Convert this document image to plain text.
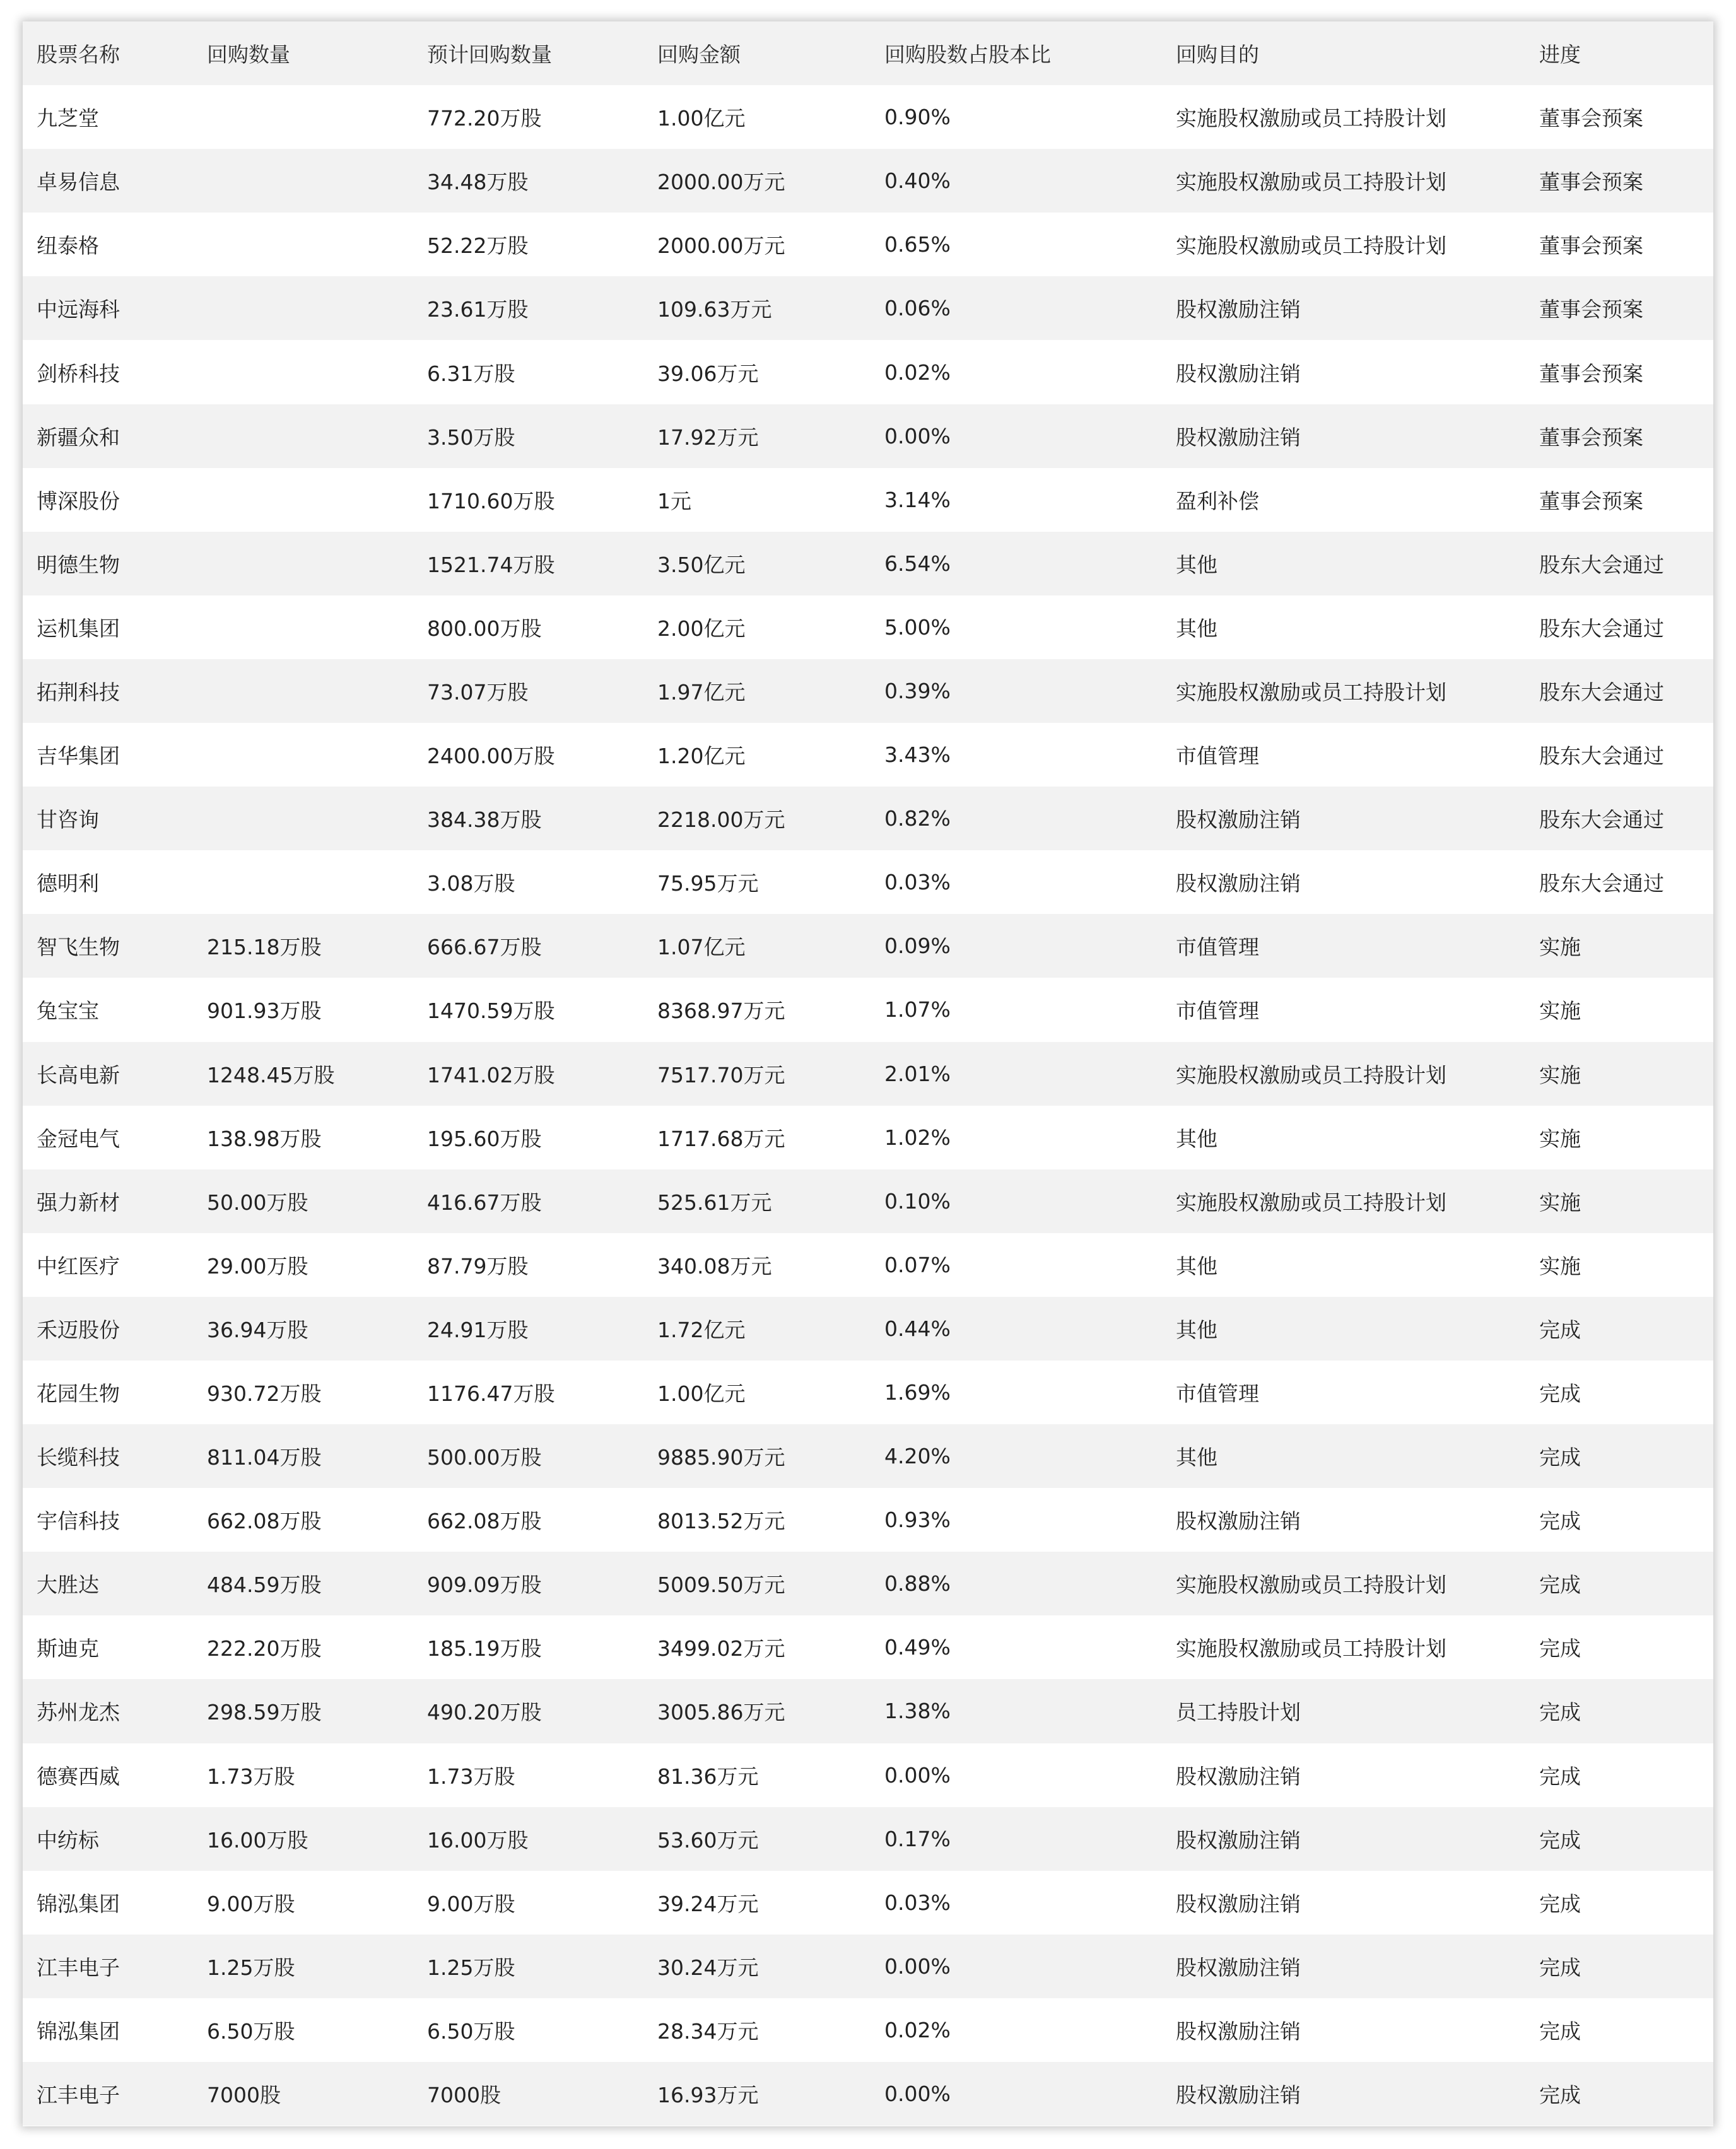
股票名称	回购数量	预计回购数量	回购金额	回购股数占股本比	回购目的	进度
九芝堂		772.20万股	1.00亿元	0.90%	实施股权激励或员工持股计划	董事会预案
卓易信息		34.48万股	2000.00万元	0.40%	实施股权激励或员工持股计划	董事会预案
纽泰格		52.22万股	2000.00万元	0.65%	实施股权激励或员工持股计划	董事会预案
中远海科		23.61万股	109.63万元	0.06%	股权激励注销	董事会预案
剑桥科技		6.31万股	39.06万元	0.02%	股权激励注销	董事会预案
新疆众和		3.50万股	17.92万元	0.00%	股权激励注销	董事会预案
博深股份		1710.60万股	1元	3.14%	盈利补偿	董事会预案
明德生物		1521.74万股	3.50亿元	6.54%	其他	股东大会通过
运机集团		800.00万股	2.00亿元	5.00%	其他	股东大会通过
拓荆科技		73.07万股	1.97亿元	0.39%	实施股权激励或员工持股计划	股东大会通过
吉华集团		2400.00万股	1.20亿元	3.43%	市值管理	股东大会通过
甘咨询		384.38万股	2218.00万元	0.82%	股权激励注销	股东大会通过
德明利		3.08万股	75.95万元	0.03%	股权激励注销	股东大会通过
智飞生物	215.18万股	666.67万股	1.07亿元	0.09%	市值管理	实施
兔宝宝	901.93万股	1470.59万股	8368.97万元	1.07%	市值管理	实施
长高电新	1248.45万股	1741.02万股	7517.70万元	2.01%	实施股权激励或员工持股计划	实施
金冠电气	138.98万股	195.60万股	1717.68万元	1.02%	其他	实施
强力新材	50.00万股	416.67万股	525.61万元	0.10%	实施股权激励或员工持股计划	实施
中红医疗	29.00万股	87.79万股	340.08万元	0.07%	其他	实施
禾迈股份	36.94万股	24.91万股	1.72亿元	0.44%	其他	完成
花园生物	930.72万股	1176.47万股	1.00亿元	1.69%	市值管理	完成
长缆科技	811.04万股	500.00万股	9885.90万元	4.20%	其他	完成
宇信科技	662.08万股	662.08万股	8013.52万元	0.93%	股权激励注销	完成
大胜达	484.59万股	909.09万股	5009.50万元	0.88%	实施股权激励或员工持股计划	完成
斯迪克	222.20万股	185.19万股	3499.02万元	0.49%	实施股权激励或员工持股计划	完成
苏州龙杰	298.59万股	490.20万股	3005.86万元	1.38%	员工持股计划	完成
德赛西威	1.73万股	1.73万股	81.36万元	0.00%	股权激励注销	完成
中纺标	16.00万股	16.00万股	53.60万元	0.17%	股权激励注销	完成
锦泓集团	9.00万股	9.00万股	39.24万元	0.03%	股权激励注销	完成
江丰电子	1.25万股	1.25万股	30.24万元	0.00%	股权激励注销	完成
锦泓集团	6.50万股	6.50万股	28.34万元	0.02%	股权激励注销	完成
江丰电子	7000股	7000股	16.93万元	0.00%	股权激励注销	完成
